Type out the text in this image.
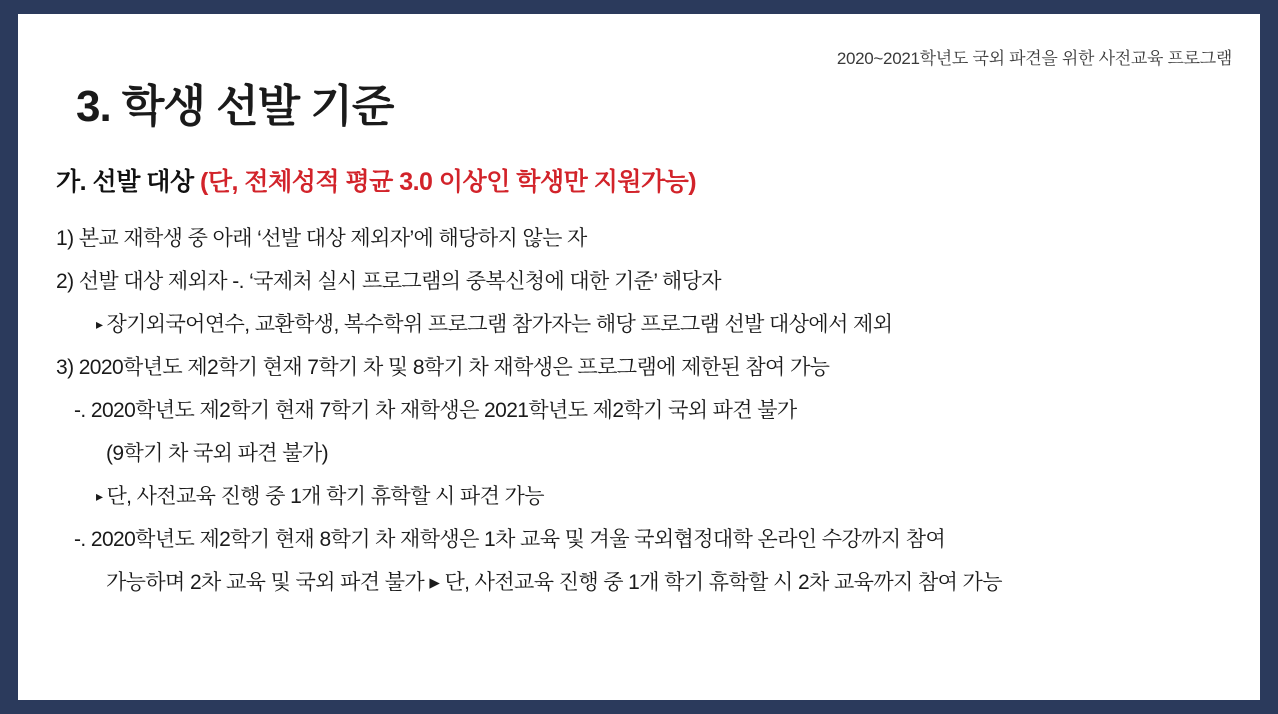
2020~2021학년도 국외 파견을 위한 사전교육 프로그램
3. 학생 선발 기준
가. 선발 대상 (단, 전체성적 평균 3.0 이상인 학생만 지원가능)
1) 본교 재학생 중 아래 ‘선발 대상 제외자’에 해당하지 않는 자
2) 선발 대상 제외자 -. ‘국제처 실시 프로그램의 중복신청에 대한 기준’ 해당자
▸ 장기외국어연수, 교환학생, 복수학위 프로그램 참가자는 해당 프로그램 선발 대상에서 제외
3) 2020학년도 제2학기 현재 7학기 차 및 8학기 차 재학생은 프로그램에 제한된 참여 가능
-. 2020학년도 제2학기 현재 7학기 차 재학생은 2021학년도 제2학기 국외 파견 불가
(9학기 차 국외 파견 불가)
▸ 단, 사전교육 진행 중 1개 학기 휴학할 시 파견 가능
-. 2020학년도 제2학기 현재 8학기 차 재학생은 1차 교육 및 겨울 국외협정대학 온라인 수강까지 참여
가능하며 2차 교육 및 국외 파견 불가 ▸ 단, 사전교육 진행 중 1개 학기 휴학할 시 2차 교육까지 참여 가능
